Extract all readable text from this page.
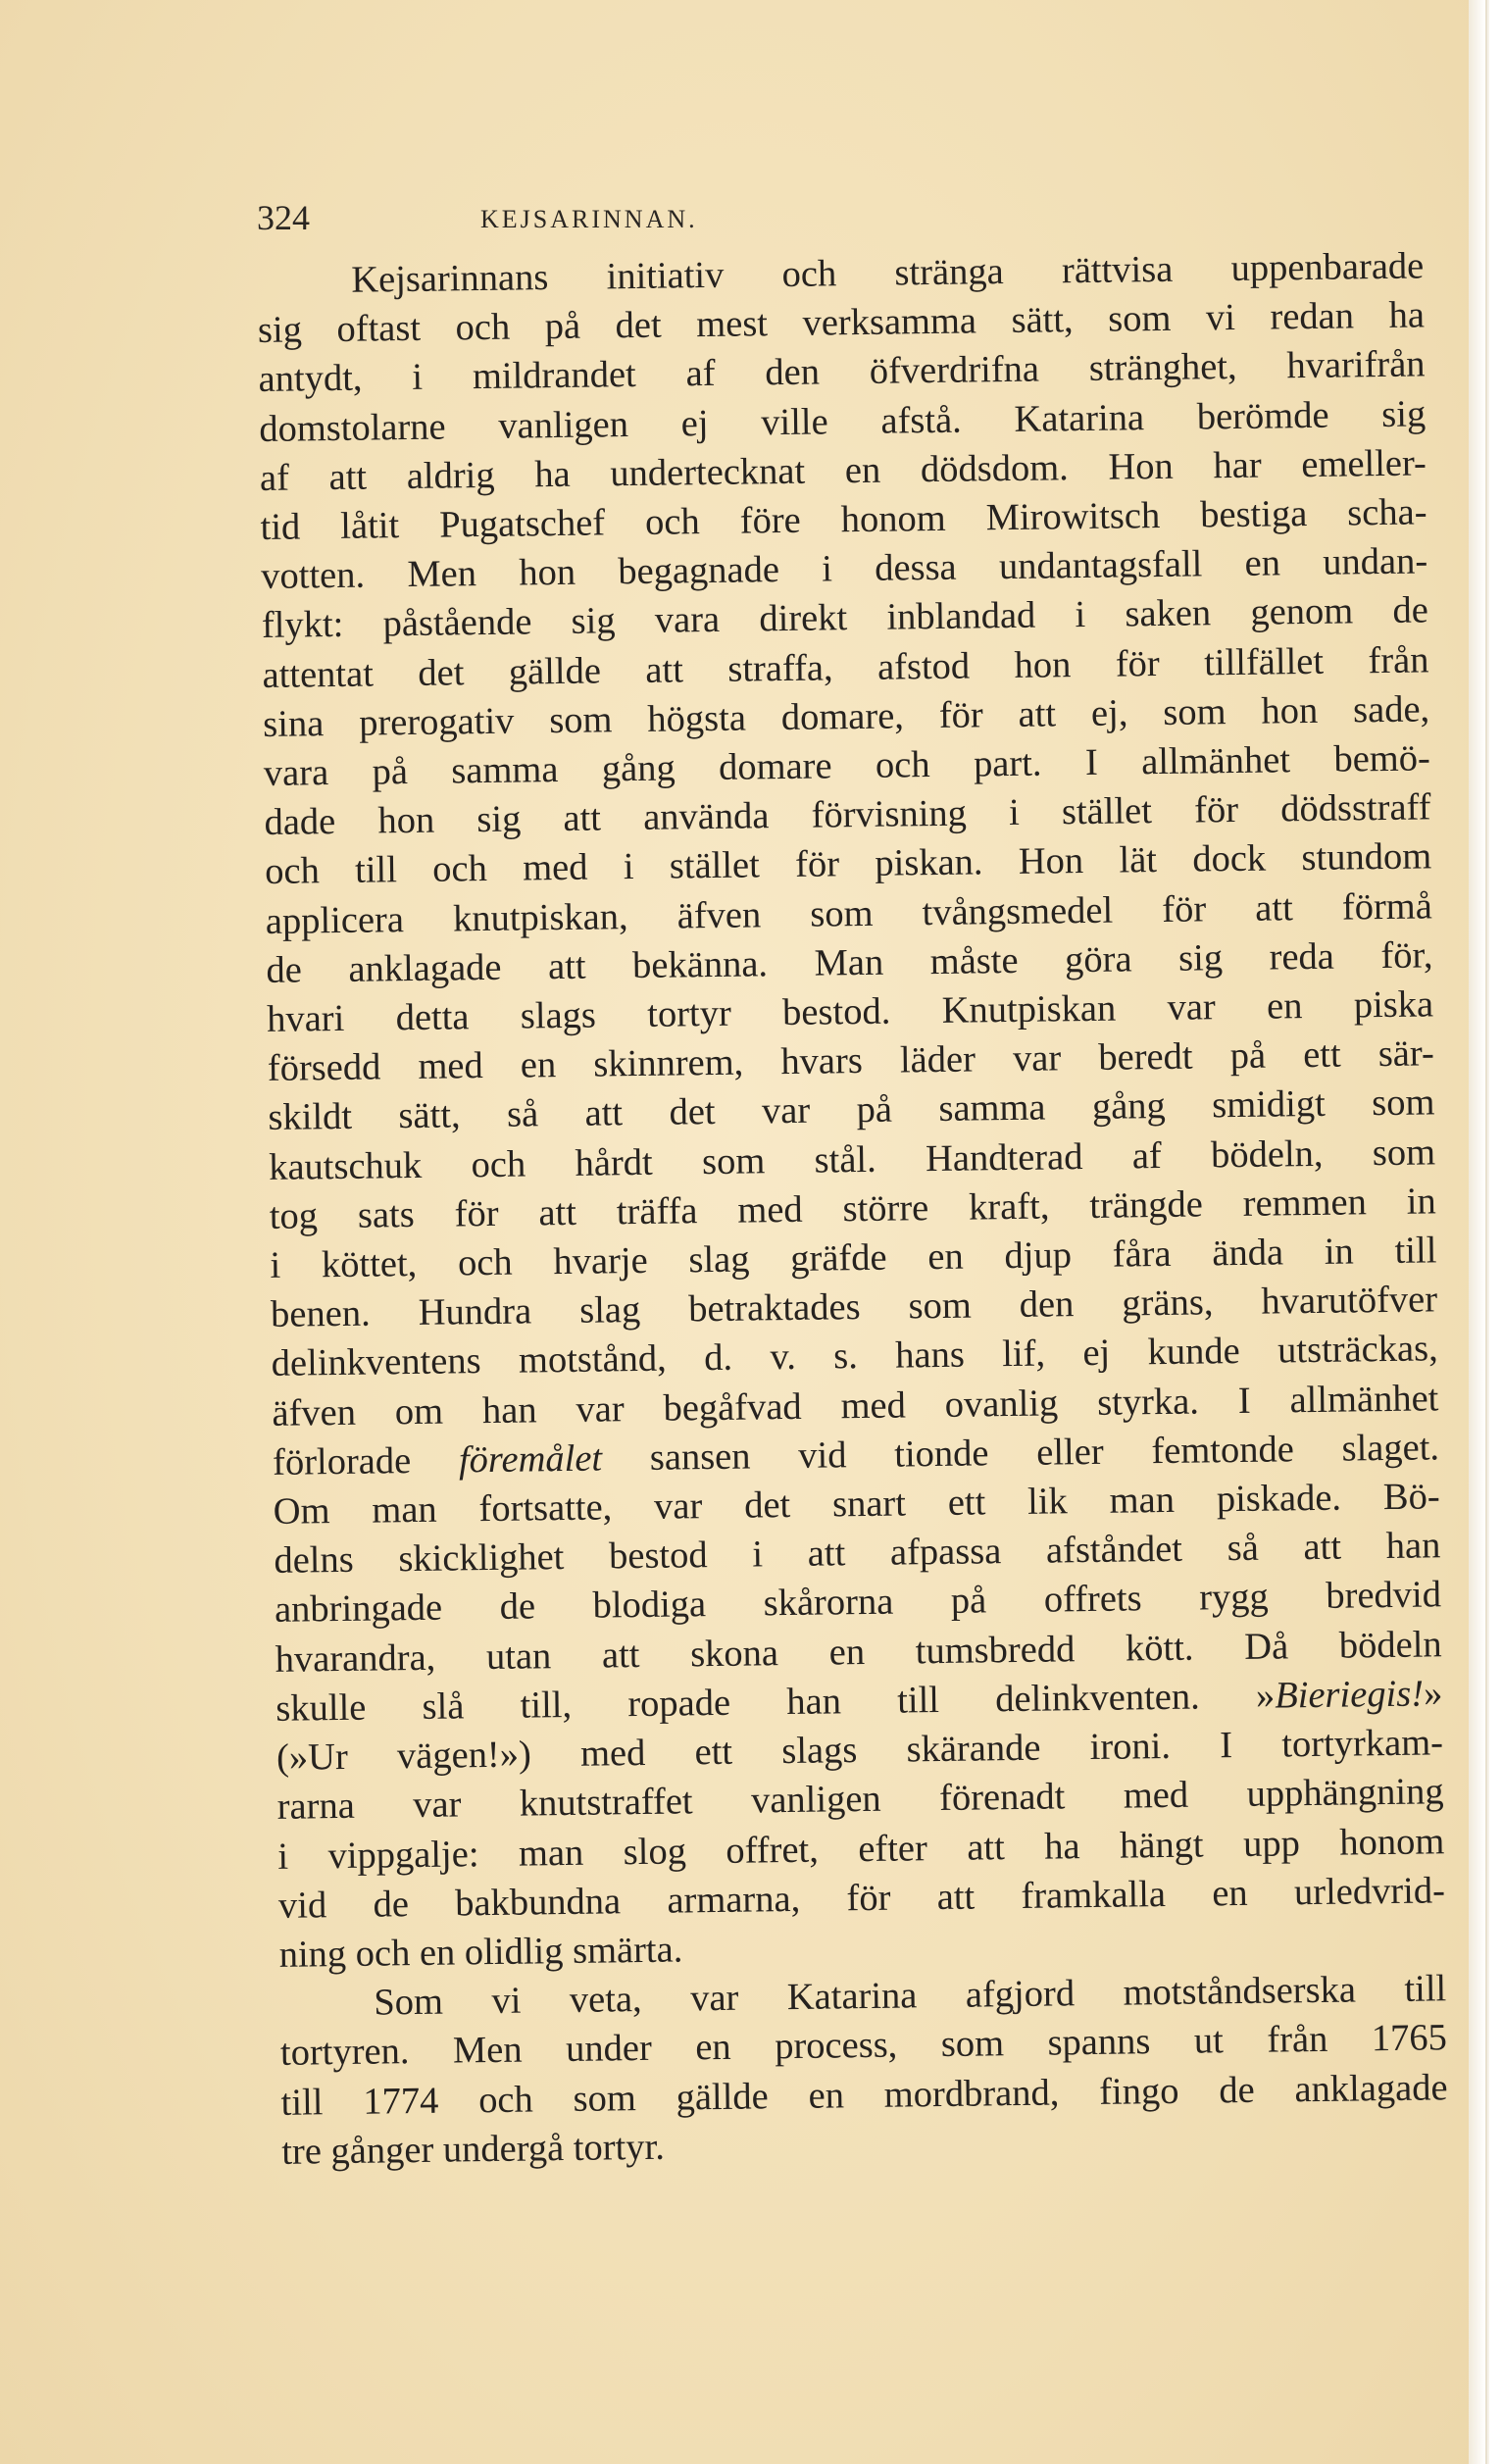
324	KEJSARINNAN.

Kejsarinnans initiativ och stränga rättvisa uppenbarade
sig oftast och på det mest verksamma sätt, som vi redan ha
antydt, i mildrandet af den öfverdrifna stränghet, hvarifrån
domstolarne vanligen ej ville afstå. Katarina berömde sig
af att aldrig ha undertecknat en dödsdom. Hon har emeller-
tid låtit Pugatschef och före honom Mirowitsch bestiga scha-
votten. Men hon begagnade i dessa undantagsfall en undan-
flykt: påstående sig vara direkt inblandad i saken genom de
attentat det gällde att straffa, afstod hon för tillfället från
sina prerogativ som högsta domare, för att ej, som hon sade,
vara på samma gång domare och part. I allmänhet bemö-
dade hon sig att använda förvisning i stället för dödsstraff
och till och med i stället för piskan. Hon lät dock stundom
applicera knutpiskan, äfven som tvångsmedel för att förmå
de anklagade att bekänna. Man måste göra sig reda för,
hvari detta slags tortyr bestod. Knutpiskan var en piska
försedd med en skinnrem, hvars läder var beredt på ett sär-
skildt sätt, så att det var på samma gång smidigt som
kautschuk och hårdt som stål. Handterad af bödeln, som
tog sats för att träffa med större kraft, trängde remmen in
i köttet, och hvarje slag gräfde en djup fåra ända in till
benen. Hundra slag betraktades som den gräns, hvarutöfver
delinkventens motstånd, d. v. s. hans lif, ej kunde utsträckas,
äfven om han var begåfvad med ovanlig styrka. I allmänhet
förlorade föremålet sansen vid tionde eller femtonde slaget.
Om man fortsatte, var det snart ett lik man piskade. Bö-
delns skicklighet bestod i att afpassa afståndet så att han
anbringade de blodiga skårorna på offrets rygg bredvid
hvarandra, utan att skona en tumsbredd kött. Då bödeln
skulle slå till, ropade han till delinkventen. »Bieriegis!»
(»Ur vägen!») med ett slags skärande ironi. I tortyrkam-
rarna var knutstraffet vanligen förenadt med upphängning
i vippgalje: man slog offret, efter att ha hängt upp honom
vid de bakbundna armarna, för att framkalla en urledvrid-
ning och en olidlig smärta.

Som vi veta, var Katarina afgjord motståndserska till
tortyren. Men under en process, som spanns ut från 1765
till 1774 och som gällde en mordbrand, fingo de anklagade
tre gånger undergå tortyr.
